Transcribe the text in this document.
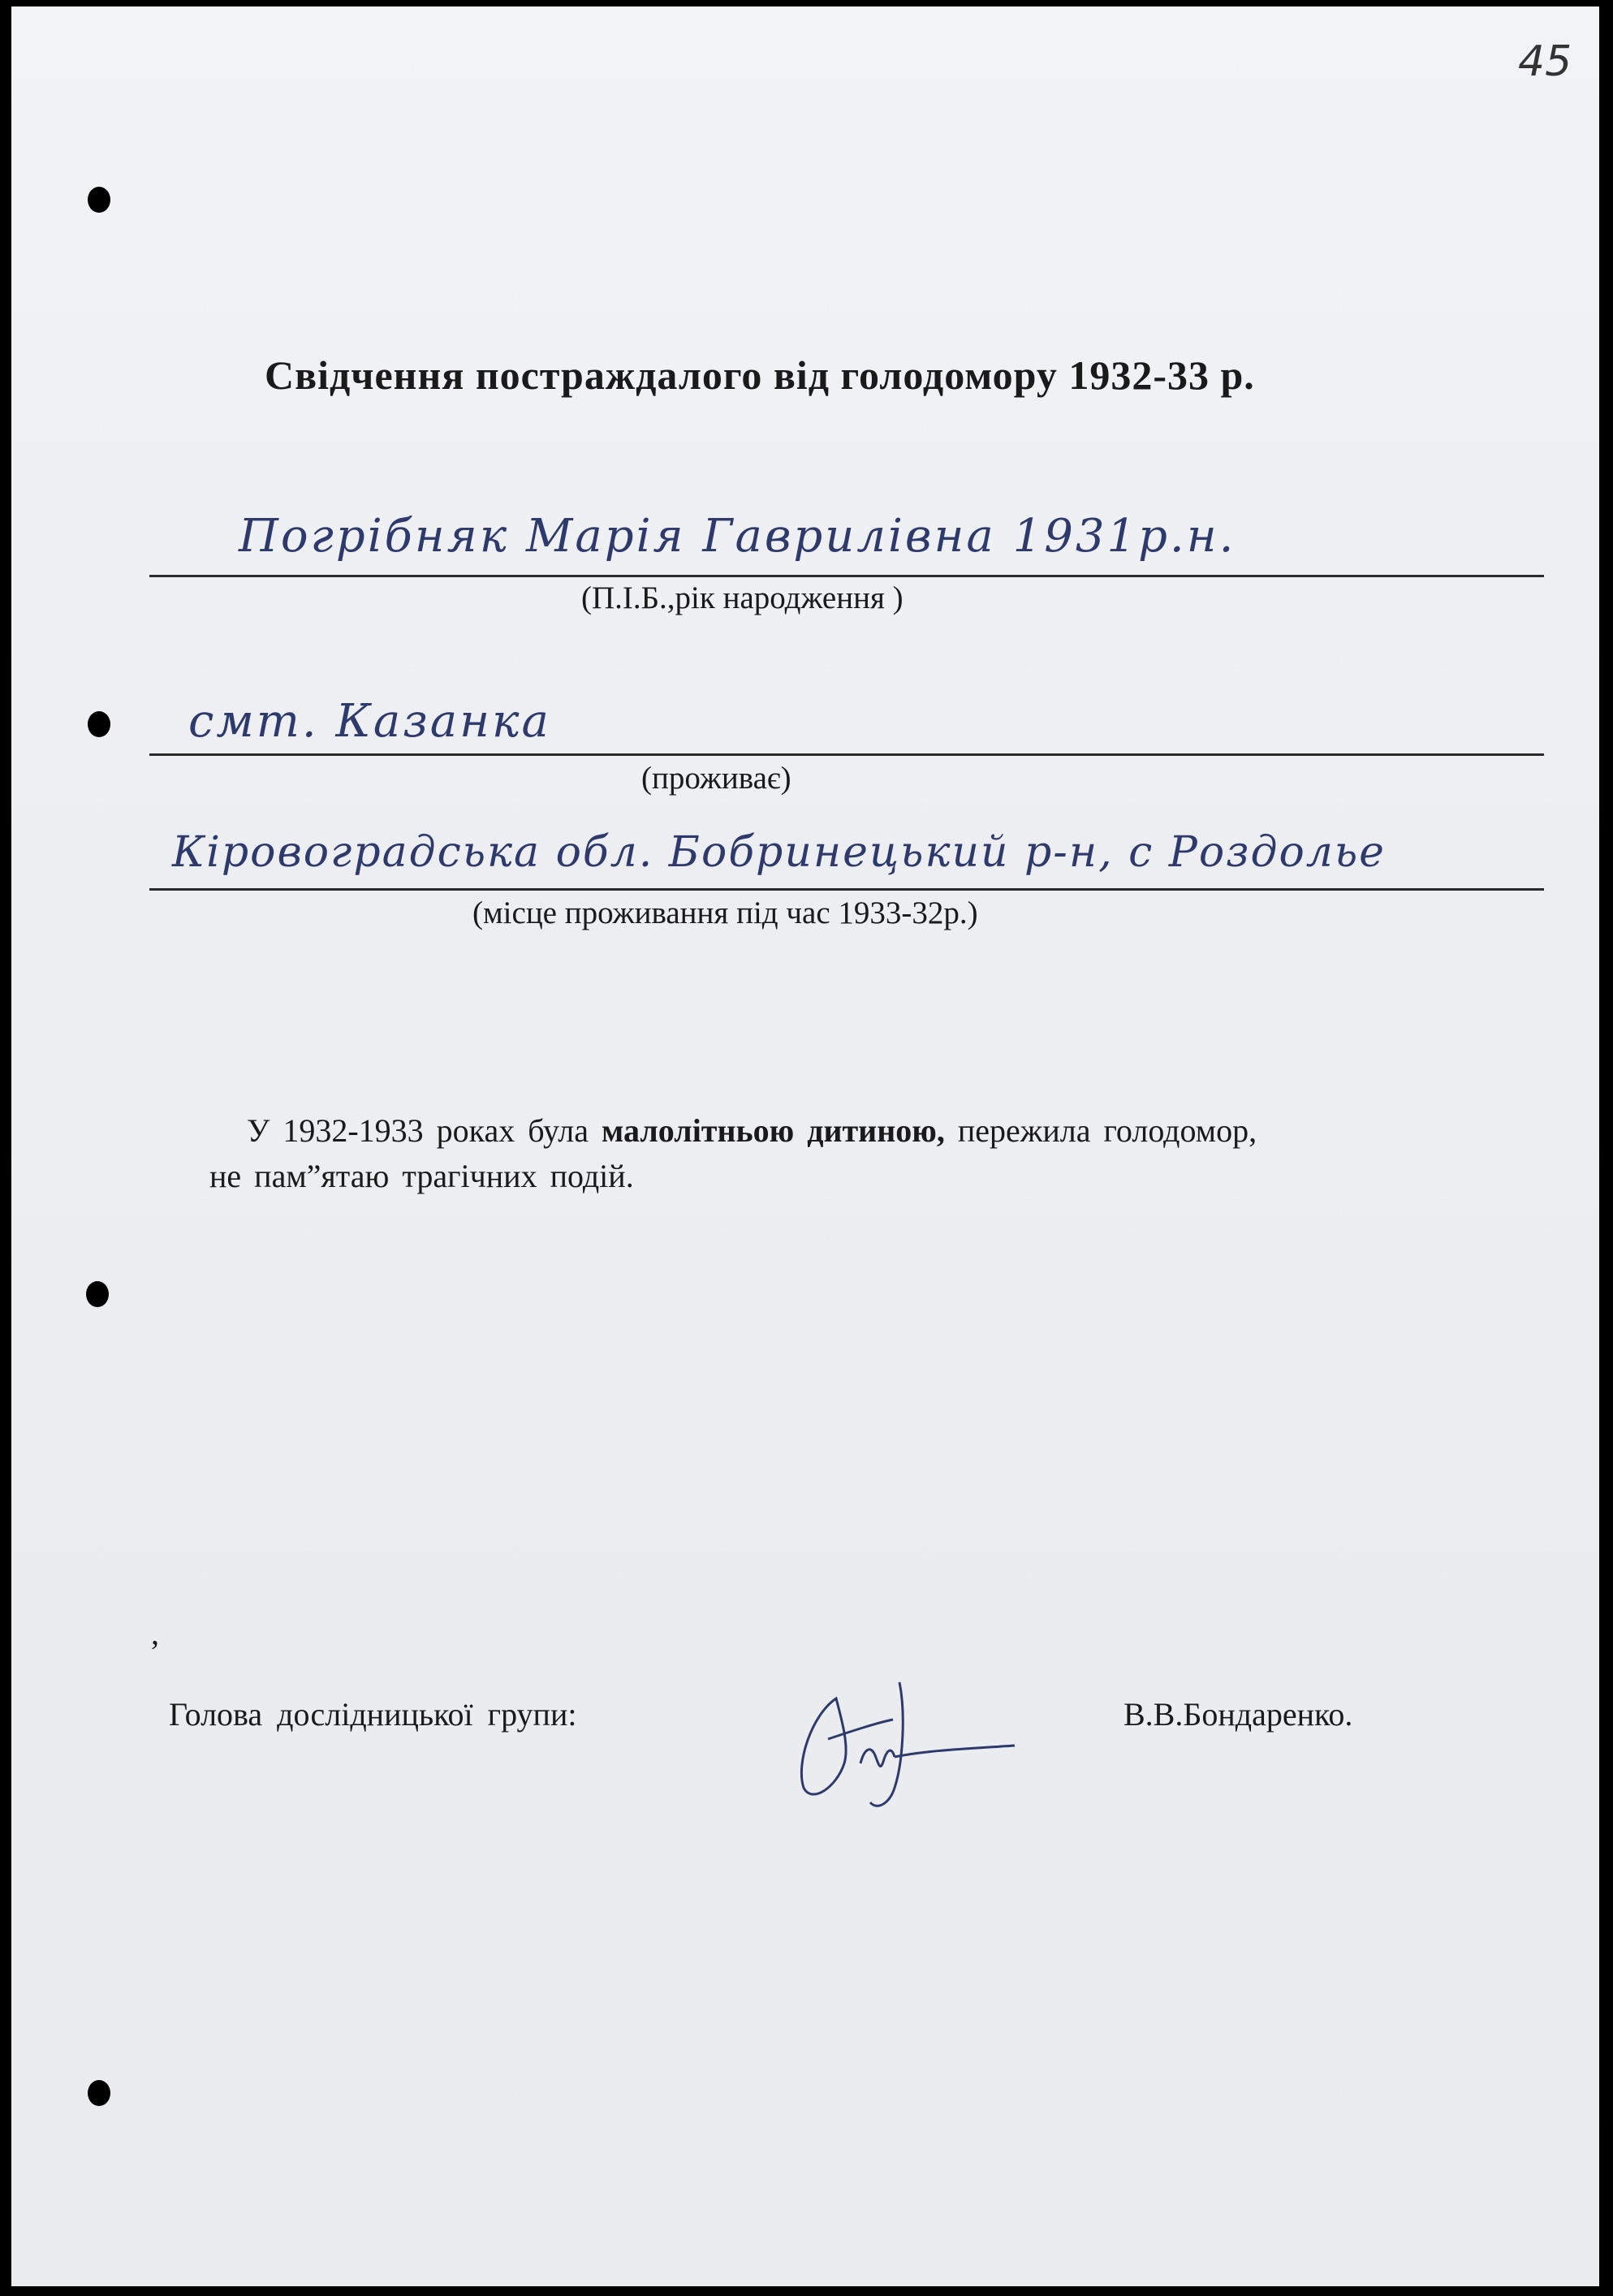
45
Свідчення постраждалого від голодомору 1932-33 р.
Погрібняк Марія Гаврилівна 1931р.н.
(П.І.Б.,рік народження )
смт. Казанка
(проживає)
Кіровоградська обл. Бобринецький р-н, с Роздолье
(місце проживання під час 1933-32р.)
У 1932-1933 роках була малолітньою дитиною, пережила голодомор,
не пам”ятаю трагічних подій.
,
Голова дослідницької групи:	В.В.Бондаренко.
